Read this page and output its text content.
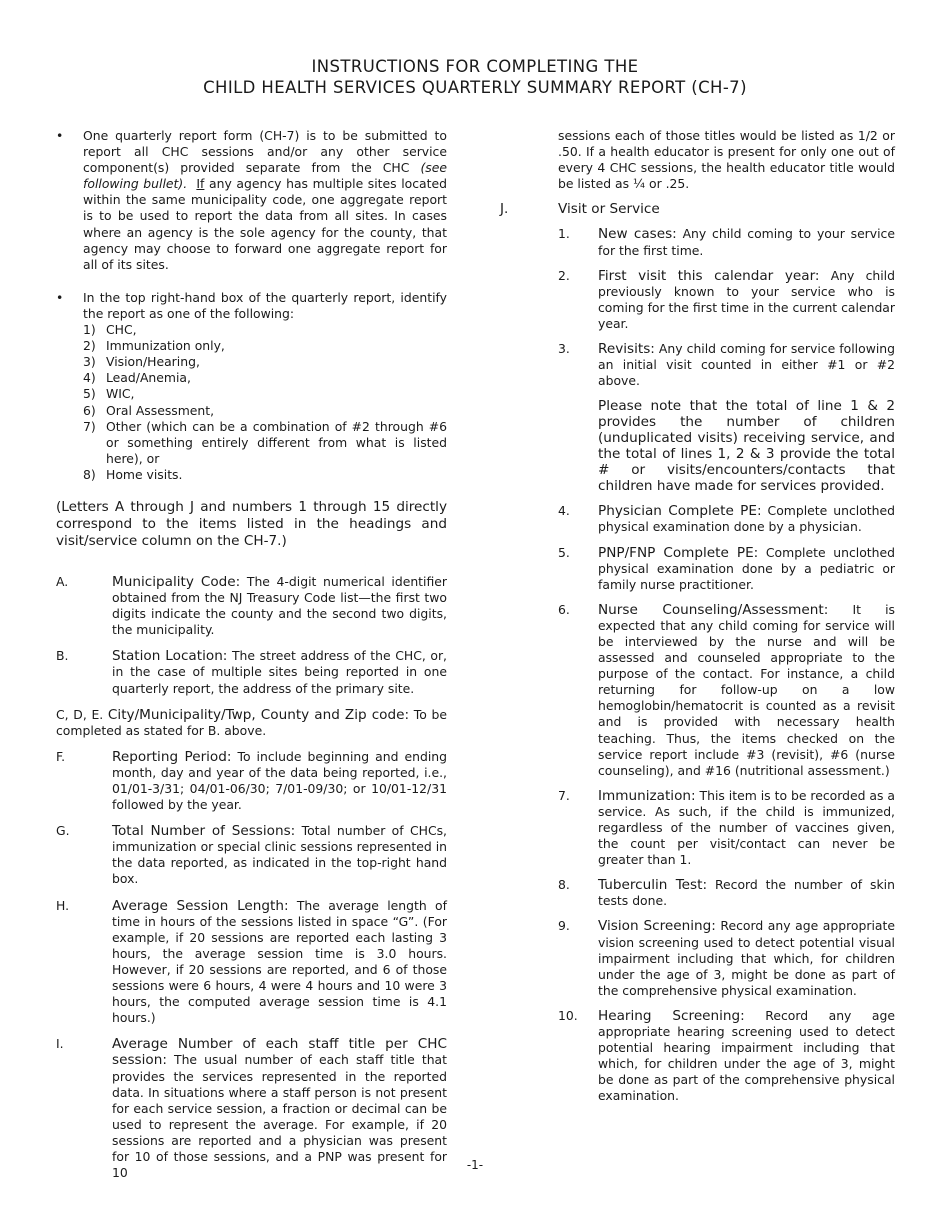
INSTRUCTIONS FOR COMPLETING THE
CHILD HEALTH SERVICES QUARTERLY SUMMARY REPORT (CH-7)
• One quarterly report form (CH-7) is to be submitted to report all CHC sessions and/or any other service component(s) provided separate from the CHC (see following bullet). If any agency has multiple sites located within the same municipality code, one aggregate report is to be used to report the data from all sites. In cases where an agency is the sole agency for the county, that agency may choose to forward one aggregate report for all of its sites.

• In the top right-hand box of the quarterly report, identify the report as one of the following:

1) CHC,
2) Immunization only,
3) Vision/Hearing,
4) Lead/Anemia,
5) WIC,
6) Oral Assessment,
7) Other (which can be a combination of #2 through #6 or something entirely different from what is listed here), or
8) Home visits.

(Letters A through J and numbers 1 through 15 directly correspond to the items listed in the headings and visit/service column on the CH-7.)

A.	Municipality Code: The 4-digit numerical identifier obtained from the NJ Treasury Code list—the first two digits indicate the county and the second two digits, the municipality.
B.	Station Location: The street address of the CHC, or, in the case of multiple sites being reported in one quarterly report, the address of the primary site.
C, D, E. City/Municipality/Twp, County and Zip code: To be completed as stated for B. above.
F.	Reporting Period: To include beginning and ending month, day and year of the data being reported, i.e., 01/01-3/31; 04/01-06/30; 7/01-09/30; or 10/01-12/31 followed by the year.
G.	Total Number of Sessions: Total number of CHCs, immunization or special clinic sessions represented in the data reported, as indicated in the top-right hand box.
H.	Average Session Length: The average length of time in hours of the sessions listed in space “G”. (For example, if 20 sessions are reported each lasting 3 hours, the average session time is 3.0 hours. However, if 20 sessions are reported, and 6 of those sessions were 6 hours, 4 were 4 hours and 10 were 3 hours, the computed average session time is 4.1 hours.)
I.	Average Number of each staff title per CHC session: The usual number of each staff title that provides the services represented in the reported data. In situations where a staff person is not present for each service session, a fraction or decimal can be used to represent the average. For example, if 20 sessions are reported and a physician was present for 10 of those sessions, and a PNP was present for 10

sessions each of those titles would be listed as 1/2 or .50. If a health educator is present for only one out of every 4 CHC sessions, the health educator title would be listed as ¼ or .25.

J.	Visit or Service
1. New cases: Any child coming to your service for the first time.
2. First visit this calendar year: Any child previously known to your service who is coming for the first time in the current calendar year.
3. Revisits: Any child coming for service following an initial visit counted in either #1 or #2 above.

Please note that the total of line 1 & 2 provides the number of children (unduplicated visits) receiving service, and the total of lines 1, 2 & 3 provide the total # or visits/encounters/contacts that children have made for services provided.

4. Physician Complete PE: Complete unclothed physical examination done by a physician.
5. PNP/FNP Complete PE: Complete unclothed physical examination done by a pediatric or family nurse practitioner.
6. Nurse Counseling/Assessment: It is expected that any child coming for service will be interviewed by the nurse and will be assessed and counseled appropriate to the purpose of the contact. For instance, a child returning for follow-up on a low hemoglobin/hematocrit is counted as a revisit and is provided with necessary health teaching. Thus, the items checked on the service report include #3 (revisit), #6 (nurse counseling), and #16 (nutritional assessment.)
7. Immunization: This item is to be recorded as a service. As such, if the child is immunized, regardless of the number of vaccines given, the count per visit/contact can never be greater than 1.
8. Tuberculin Test: Record the number of skin tests done.
9. Vision Screening: Record any age appropriate vision screening used to detect potential visual impairment including that which, for children under the age of 3, might be done as part of the comprehensive physical examination.
10. Hearing Screening: Record any age appropriate hearing screening used to detect potential hearing impairment including that which, for children under the age of 3, might be done as part of the comprehensive physical examination.
-1-
